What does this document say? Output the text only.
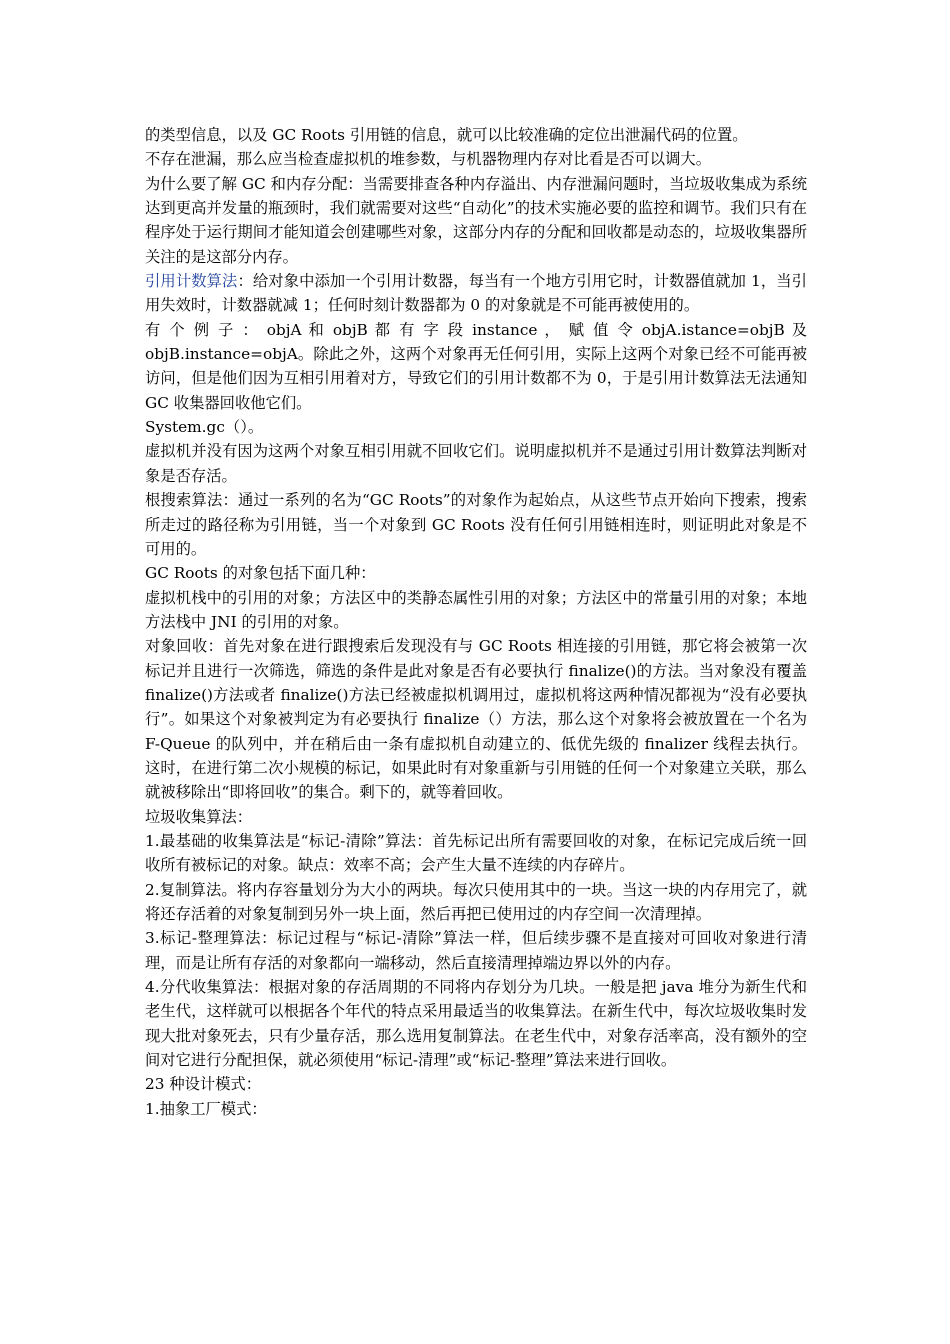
的类型信息，以及 GC Roots 引用链的信息，就可以比较准确的定位出泄漏代码的位置。

不存在泄漏，那么应当检查虚拟机的堆参数，与机器物理内存对比看是否可以调大。

为什么要了解 GC 和内存分配：当需要排查各种内存溢出、内存泄漏问题时，当垃圾收集成为系统达到更高并发量的瓶颈时，我们就需要对这些“自动化”的技术实施必要的监控和调节。我们只有在程序处于运行期间才能知道会创建哪些对象，这部分内存的分配和回收都是动态的，垃圾收集器所关注的是这部分内存。

引用计数算法：给对象中添加一个引用计数器，每当有一个地方引用它时，计数器值就加 1，当引用失效时，计数器就减 1；任何时刻计数器都为 0 的对象就是不可能再被使用的。

有 个 例 子 ： objA 和 objB 都 有 字 段 instance ， 赋 值 令 objA.istance=objB 及 objB.instance=objA。除此之外，这两个对象再无任何引用，实际上这两个对象已经不可能再被访问，但是他们因为互相引用着对方，导致它们的引用计数都不为 0，于是引用计数算法无法通知 GC 收集器回收他它们。

System.gc（）。

虚拟机并没有因为这两个对象互相引用就不回收它们。说明虚拟机并不是通过引用计数算法判断对象是否存活。

根搜索算法：通过一系列的名为“GC Roots”的对象作为起始点，从这些节点开始向下搜索，搜索所走过的路径称为引用链，当一个对象到 GC Roots 没有任何引用链相连时，则证明此对象是不可用的。

GC Roots 的对象包括下面几种：

虚拟机栈中的引用的对象；方法区中的类静态属性引用的对象；方法区中的常量引用的对象；本地方法栈中 JNI 的引用的对象。

对象回收：首先对象在进行跟搜索后发现没有与 GC Roots 相连接的引用链，那它将会被第一次标记并且进行一次筛选，筛选的条件是此对象是否有必要执行 finalize()的方法。当对象没有覆盖 finalize()方法或者 finalize()方法已经被虚拟机调用过，虚拟机将这两种情况都视为“没有必要执行”。如果这个对象被判定为有必要执行 finalize（）方法，那么这个对象将会被放置在一个名为 F-Queue 的队列中，并在稍后由一条有虚拟机自动建立的、低优先级的 finalizer 线程去执行。这时，在进行第二次小规模的标记，如果此时有对象重新与引用链的任何一个对象建立关联，那么就被移除出“即将回收”的集合。剩下的，就等着回收。

垃圾收集算法：

1.最基础的收集算法是“标记-清除”算法：首先标记出所有需要回收的对象，在标记完成后统一回收所有被标记的对象。缺点：效率不高；会产生大量不连续的内存碎片。

2.复制算法。将内存容量划分为大小的两块。每次只使用其中的一块。当这一块的内存用完了，就将还存活着的对象复制到另外一块上面，然后再把已使用过的内存空间一次清理掉。

3.标记-整理算法：标记过程与“标记-清除”算法一样，但后续步骤不是直接对可回收对象进行清理，而是让所有存活的对象都向一端移动，然后直接清理掉端边界以外的内存。

4.分代收集算法：根据对象的存活周期的不同将内存划分为几块。一般是把 java 堆分为新生代和老生代，这样就可以根据各个年代的特点采用最适当的收集算法。在新生代中，每次垃圾收集时发现大批对象死去，只有少量存活，那么选用复制算法。在老生代中，对象存活率高，没有额外的空间对它进行分配担保，就必须使用“标记-清理”或“标记-整理”算法来进行回收。

23 种设计模式：

1.抽象工厂模式：
